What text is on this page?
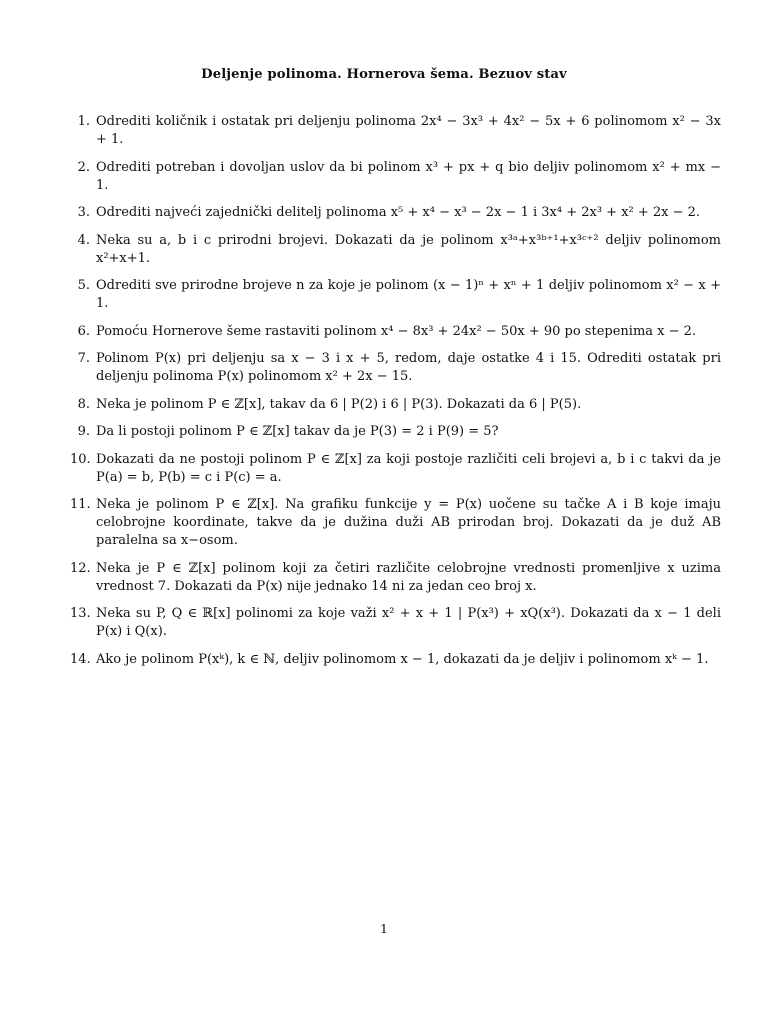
Deljenje polinoma. Hornerova šema. Bezuov stav
1. Odrediti količnik i ostatak pri deljenju polinoma 2x⁴ − 3x³ + 4x² − 5x + 6 polinomom x² − 3x + 1.
2. Odrediti potreban i dovoljan uslov da bi polinom x³ + px + q bio deljiv polinomom x² + mx − 1.
3. Odrediti najveći zajednički delitelj polinoma x⁵ + x⁴ − x³ − 2x − 1 i 3x⁴ + 2x³ + x² + 2x − 2.
4. Neka su a, b i c prirodni brojevi. Dokazati da je polinom x³ᵃ+x³ᵇ⁺¹+x³ᶜ⁺² deljiv polinomom x²+x+1.
5. Odrediti sve prirodne brojeve n za koje je polinom (x − 1)ⁿ + xⁿ + 1 deljiv polinomom x² − x + 1.
6. Pomoću Hornerove šeme rastaviti polinom x⁴ − 8x³ + 24x² − 50x + 90 po stepenima x − 2.
7. Polinom P(x) pri deljenju sa x − 3 i x + 5, redom, daje ostatke 4 i 15. Odrediti ostatak pri deljenju polinoma P(x) polinomom x² + 2x − 15.
8. Neka je polinom P ∈ ℤ[x], takav da 6 | P(2) i 6 | P(3). Dokazati da 6 | P(5).
9. Da li postoji polinom P ∈ ℤ[x] takav da je P(3) = 2 i P(9) = 5?
10. Dokazati da ne postoji polinom P ∈ ℤ[x] za koji postoje različiti celi brojevi a, b i c takvi da je P(a) = b, P(b) = c i P(c) = a.
11. Neka je polinom P ∈ ℤ[x]. Na grafiku funkcije y = P(x) uočene su tačke A i B koje imaju celobrojne koordinate, takve da je dužina duži AB prirodan broj. Dokazati da je duž AB paralelna sa x−osom.
12. Neka je P ∈ ℤ[x] polinom koji za četiri različite celobrojne vrednosti promenljive x uzima vrednost 7. Dokazati da P(x) nije jednako 14 ni za jedan ceo broj x.
13. Neka su P, Q ∈ ℝ[x] polinomi za koje važi x² + x + 1 | P(x³) + xQ(x³). Dokazati da x − 1 deli P(x) i Q(x).
14. Ako je polinom P(xᵏ), k ∈ ℕ, deljiv polinomom x − 1, dokazati da je deljiv i polinomom xᵏ − 1.
1
